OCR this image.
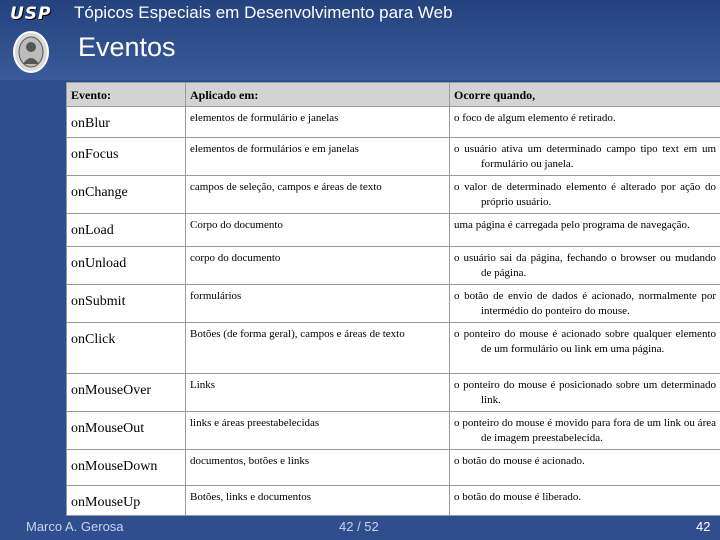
USP	Tópicos Especiais em Desenvolvimento para Web
Eventos
Evento:	Aplicado em:	Ocorre quando,
onBlur	elementos de formulário e janelas	o foco de algum elemento é retirado.

onFocus	elementos de formulários e em janelas	o usuário ativa um determinado campo tipo text em um formulário ou janela.

onChange	campos de seleção, campos e áreas de texto	o valor de determinado elemento é alterado por ação do próprio usuário.

onLoad	Corpo do documento	uma página é carregada pelo programa de navegação.

onUnload	corpo do documento	o usuário sai da página, fechando o browser ou mudando de página.

onSubmit	formulários	o botão de envio de dados é acionado, normalmente por intermédio do ponteiro do mouse.

onClick	Botões (de forma geral), campos e áreas de texto	o ponteiro do mouse é acionado sobre qualquer elemento de um formulário ou link em uma página.

onMouseOver	Links	o ponteiro do mouse é posicionado sobre um determinado link.

onMouseOut	links e áreas preestabelecidas	o ponteiro do mouse é movido para fora de um link ou área de imagem preestabelecida.

onMouseDown	documentos, botões e links	o botão do mouse é acionado.

onMouseUp	Botões, links e documentos	o botão do mouse é liberado.
Marco A. Gerosa	42 / 52	42
